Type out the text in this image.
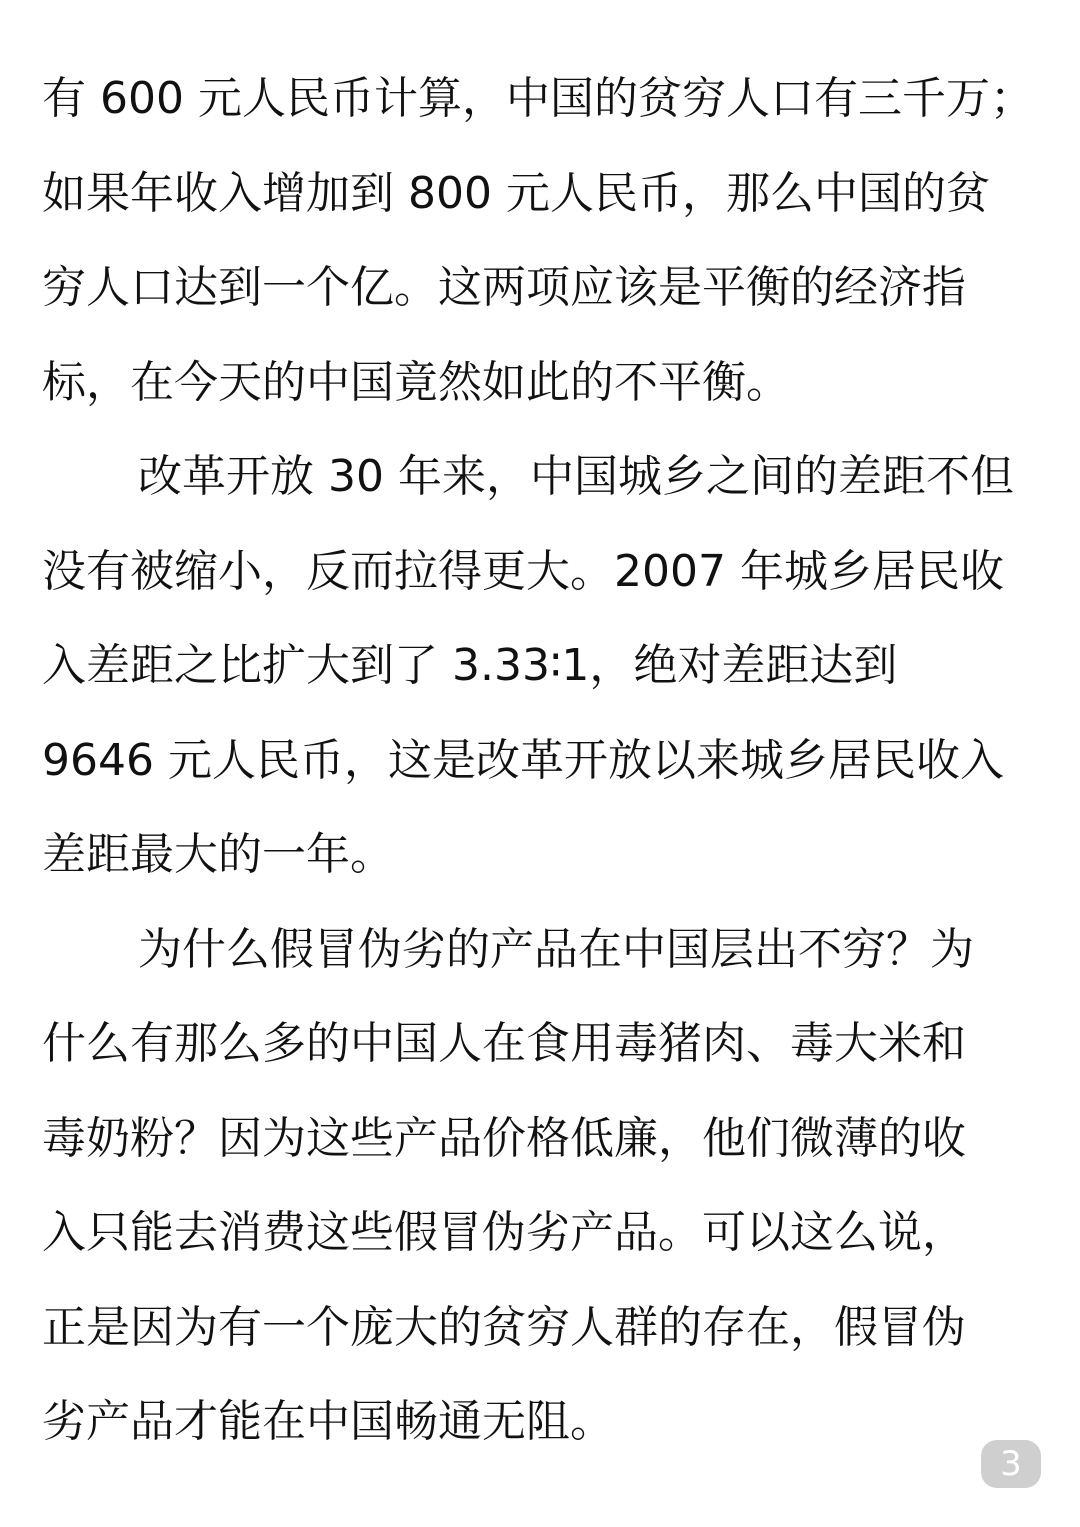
有 600 元人民币计算，中国的贫穷人口有三千万；
如果年收入增加到 800 元人民币，那么中国的贫
穷人口达到一个亿。这两项应该是平衡的经济指
标，在今天的中国竟然如此的不平衡。
改革开放 30 年来，中国城乡之间的差距不但
没有被缩小，反而拉得更大。2007 年城乡居民收
入差距之比扩大到了 3.33∶1，绝对差距达到
9646 元人民币，这是改革开放以来城乡居民收入
差距最大的一年。
为什么假冒伪劣的产品在中国层出不穷？为
什么有那么多的中国人在食用毒猪肉、毒大米和
毒奶粉？因为这些产品价格低廉，他们微薄的收
入只能去消费这些假冒伪劣产品。可以这么说，
正是因为有一个庞大的贫穷人群的存在，假冒伪
劣产品才能在中国畅通无阻。
3
